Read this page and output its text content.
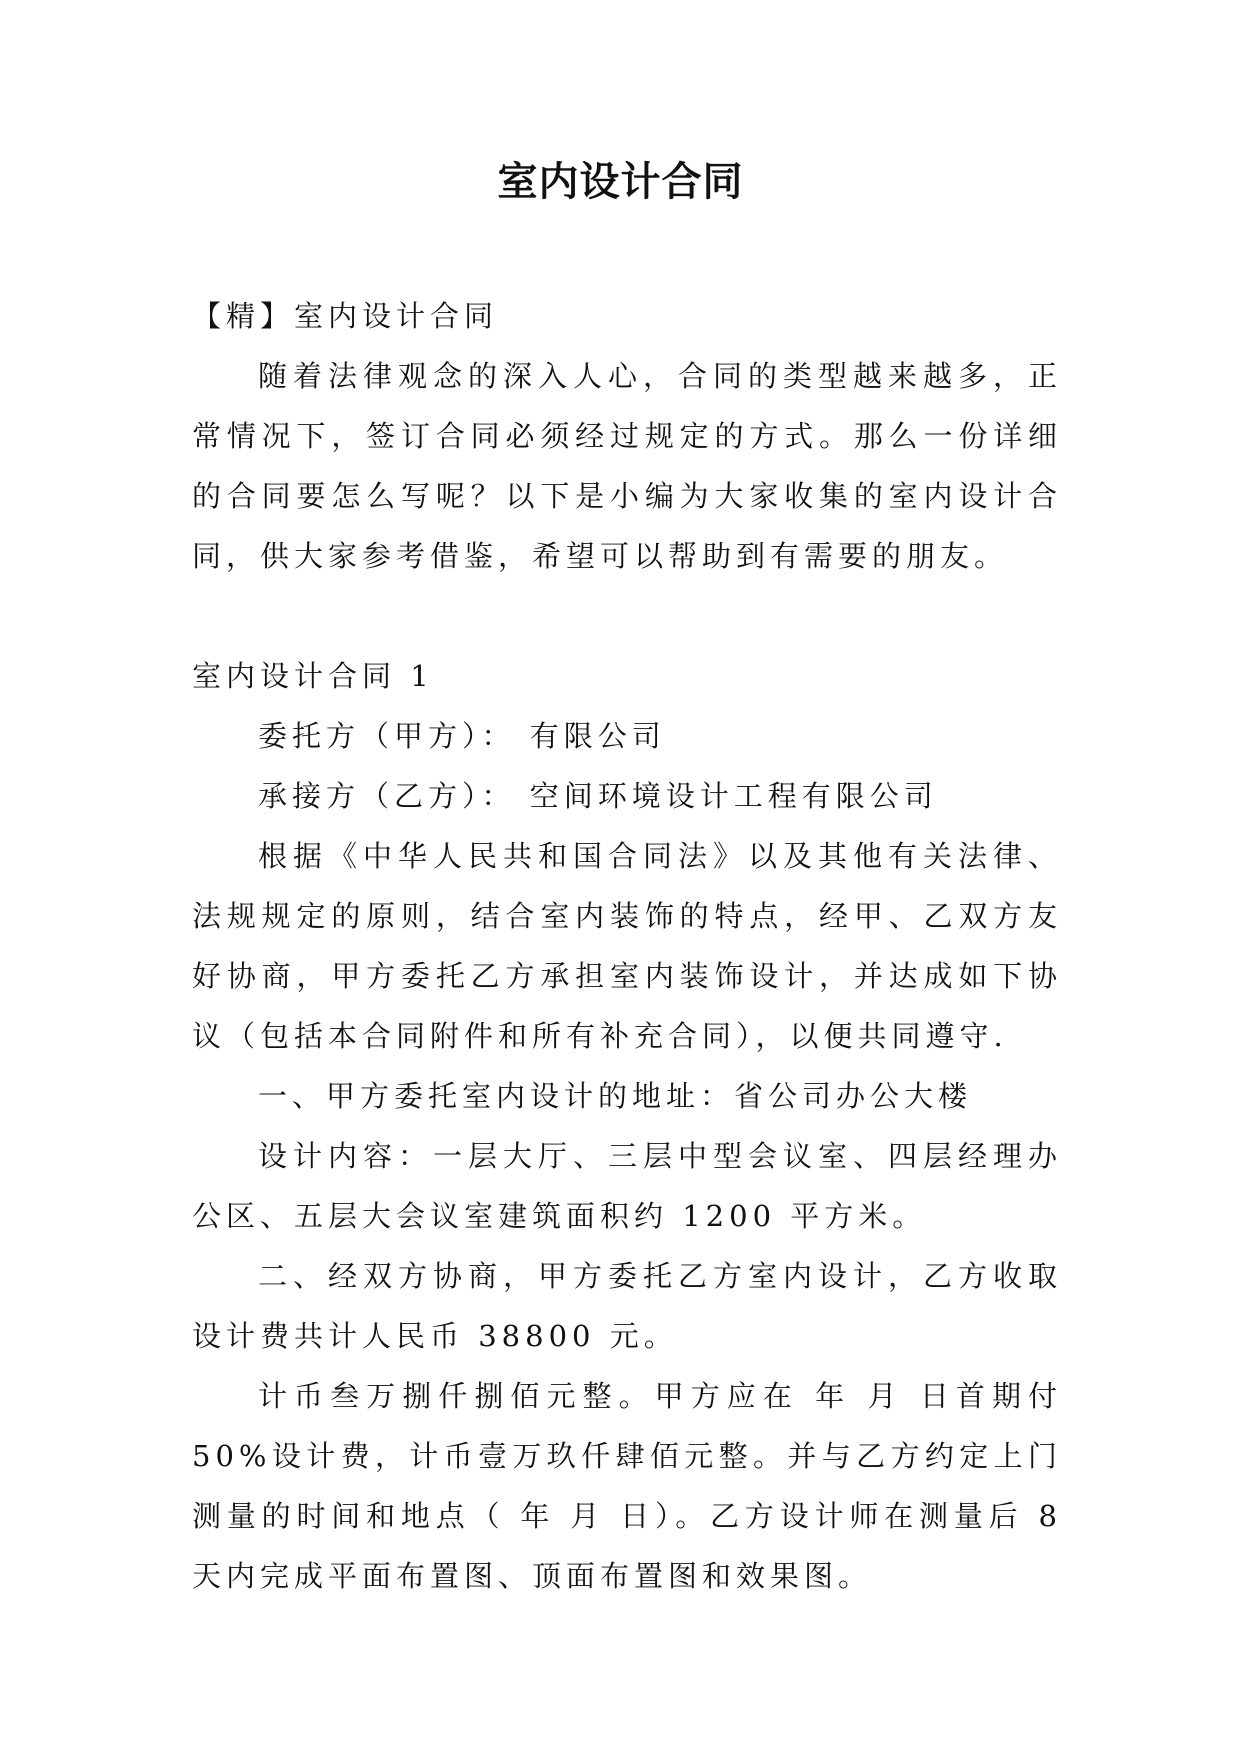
室内设计合同

【精】室内设计合同

随着法律观念的深入人心，合同的类型越来越多，正常情况下，签订合同必须经过规定的方式。那么一份详细的合同要怎么写呢？以下是小编为大家收集的室内设计合同，供大家参考借鉴，希望可以帮助到有需要的朋友。

室内设计合同 1

委托方（甲方）： 有限公司

承接方（乙方）： 空间环境设计工程有限公司

根据《中华人民共和国合同法》以及其他有关法律、法规规定的原则，结合室内装饰的特点，经甲、乙双方友好协商，甲方委托乙方承担室内装饰设计，并达成如下协议（包括本合同附件和所有补充合同），以便共同遵守.

一、甲方委托室内设计的地址：省公司办公大楼

设计内容：一层大厅、三层中型会议室、四层经理办公区、五层大会议室建筑面积约 1200 平方米。

二、经双方协商，甲方委托乙方室内设计，乙方收取设计费共计人民币 38800 元。

计币叁万捌仟捌佰元整。甲方应在 年 月 日首期付 50%设计费，计币壹万玖仟肆佰元整。并与乙方约定上门测量的时间和地点（ 年 月 日）。乙方设计师在测量后 8 天内完成平面布置图、顶面布置图和效果图。
